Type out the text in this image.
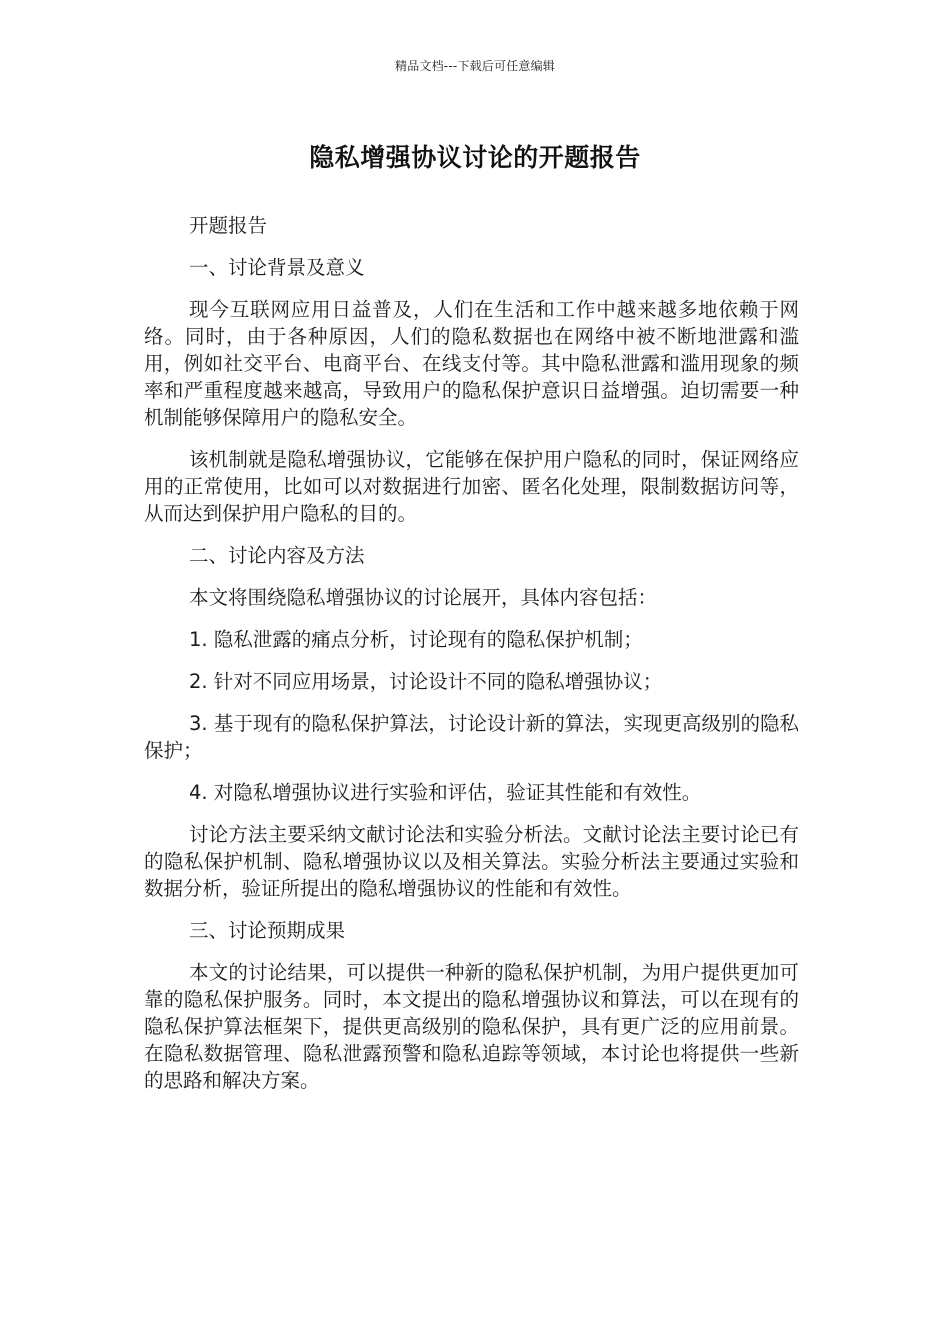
精品文档---下载后可任意编辑
隐私增强协议讨论的开题报告

开题报告

一、讨论背景及意义

现今互联网应用日益普及，人们在生活和工作中越来越多地依赖于网络。同时，由于各种原因，人们的隐私数据也在网络中被不断地泄露和滥用，例如社交平台、电商平台、在线支付等。其中隐私泄露和滥用现象的频率和严重程度越来越高，导致用户的隐私保护意识日益增强。迫切需要一种机制能够保障用户的隐私安全。

该机制就是隐私增强协议，它能够在保护用户隐私的同时，保证网络应用的正常使用，比如可以对数据进行加密、匿名化处理，限制数据访问等，从而达到保护用户隐私的目的。

二、讨论内容及方法

本文将围绕隐私增强协议的讨论展开，具体内容包括：

1. 隐私泄露的痛点分析，讨论现有的隐私保护机制；

2. 针对不同应用场景，讨论设计不同的隐私增强协议；

3. 基于现有的隐私保护算法，讨论设计新的算法，实现更高级别的隐私保护；

4. 对隐私增强协议进行实验和评估，验证其性能和有效性。

讨论方法主要采纳文献讨论法和实验分析法。文献讨论法主要讨论已有的隐私保护机制、隐私增强协议以及相关算法。实验分析法主要通过实验和数据分析，验证所提出的隐私增强协议的性能和有效性。

三、讨论预期成果

本文的讨论结果，可以提供一种新的隐私保护机制，为用户提供更加可靠的隐私保护服务。同时，本文提出的隐私增强协议和算法，可以在现有的隐私保护算法框架下，提供更高级别的隐私保护，具有更广泛的应用前景。在隐私数据管理、隐私泄露预警和隐私追踪等领域，本讨论也将提供一些新的思路和解决方案。
